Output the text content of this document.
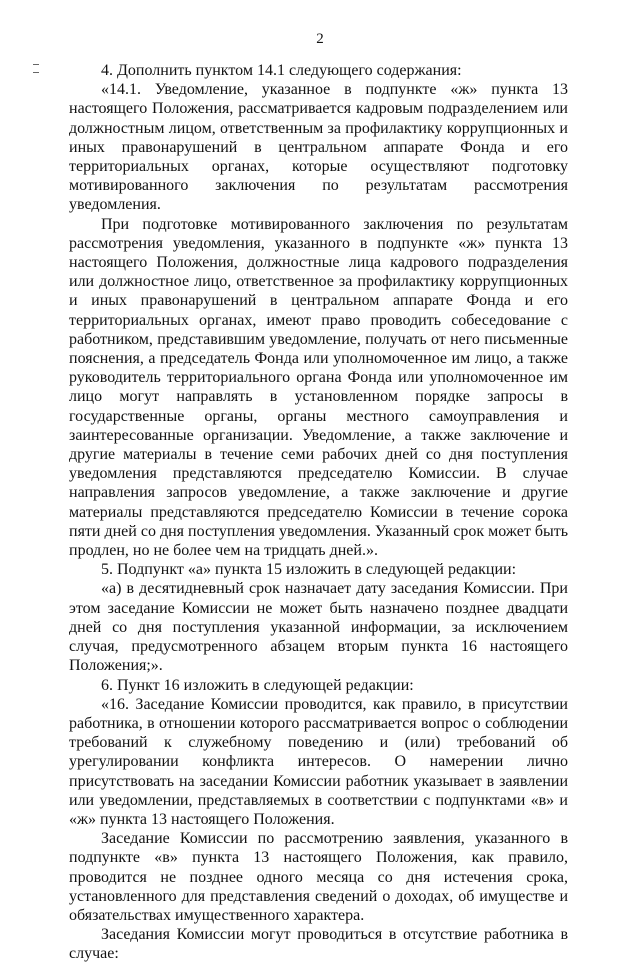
2

4. Дополнить пунктом 14.1 следующего содержания:

«14.1. Уведомление, указанное в подпункте «ж» пункта 13 настоящего Положения, рассматривается кадровым подразделением или должностным лицом, ответственным за профилактику коррупционных и иных правонарушений в центральном аппарате Фонда и его территориальных органах, которые осуществляют подготовку мотивированного заключения по результатам рассмотрения уведомления.

При подготовке мотивированного заключения по результатам рассмотрения уведомления, указанного в подпункте «ж» пункта 13 настоящего Положения, должностные лица кадрового подразделения или должностное лицо, ответственное за профилактику коррупционных и иных правонарушений в центральном аппарате Фонда и его территориальных органах, имеют право проводить собеседование с работником, представившим уведомление, получать от него письменные пояснения, а председатель Фонда или уполномоченное им лицо, а также руководитель территориального органа Фонда или уполномоченное им лицо могут направлять в установленном порядке запросы в государственные органы, органы местного самоуправления и заинтересованные организации. Уведомление, а также заключение и другие материалы в течение семи рабочих дней со дня поступления уведомления представляются председателю Комиссии. В случае направления запросов уведомление, а также заключение и другие материалы представляются председателю Комиссии в течение сорока пяти дней со дня поступления уведомления. Указанный срок может быть продлен, но не более чем на тридцать дней.».

5. Подпункт «а» пункта 15 изложить в следующей редакции:

«а) в десятидневный срок назначает дату заседания Комиссии. При этом заседание Комиссии не может быть назначено позднее двадцати дней со дня поступления указанной информации, за исключением случая, предусмотренного абзацем вторым пункта 16 настоящего Положения;».

6. Пункт 16 изложить в следующей редакции:

«16. Заседание Комиссии проводится, как правило, в присутствии работника, в отношении которого рассматривается вопрос о соблюдении требований к служебному поведению и (или) требований об урегулировании конфликта интересов. О намерении лично присутствовать на заседании Комиссии работник указывает в заявлении или уведомлении, представляемых в соответствии с подпунктами «в» и «ж» пункта 13 настоящего Положения.

Заседание Комиссии по рассмотрению заявления, указанного в подпункте «в» пункта 13 настоящего Положения, как правило, проводится не позднее одного месяца со дня истечения срока, установленного для представления сведений о доходах, об имуществе и обязательствах имущественного характера.

Заседания Комиссии могут проводиться в отсутствие работника в случае:
